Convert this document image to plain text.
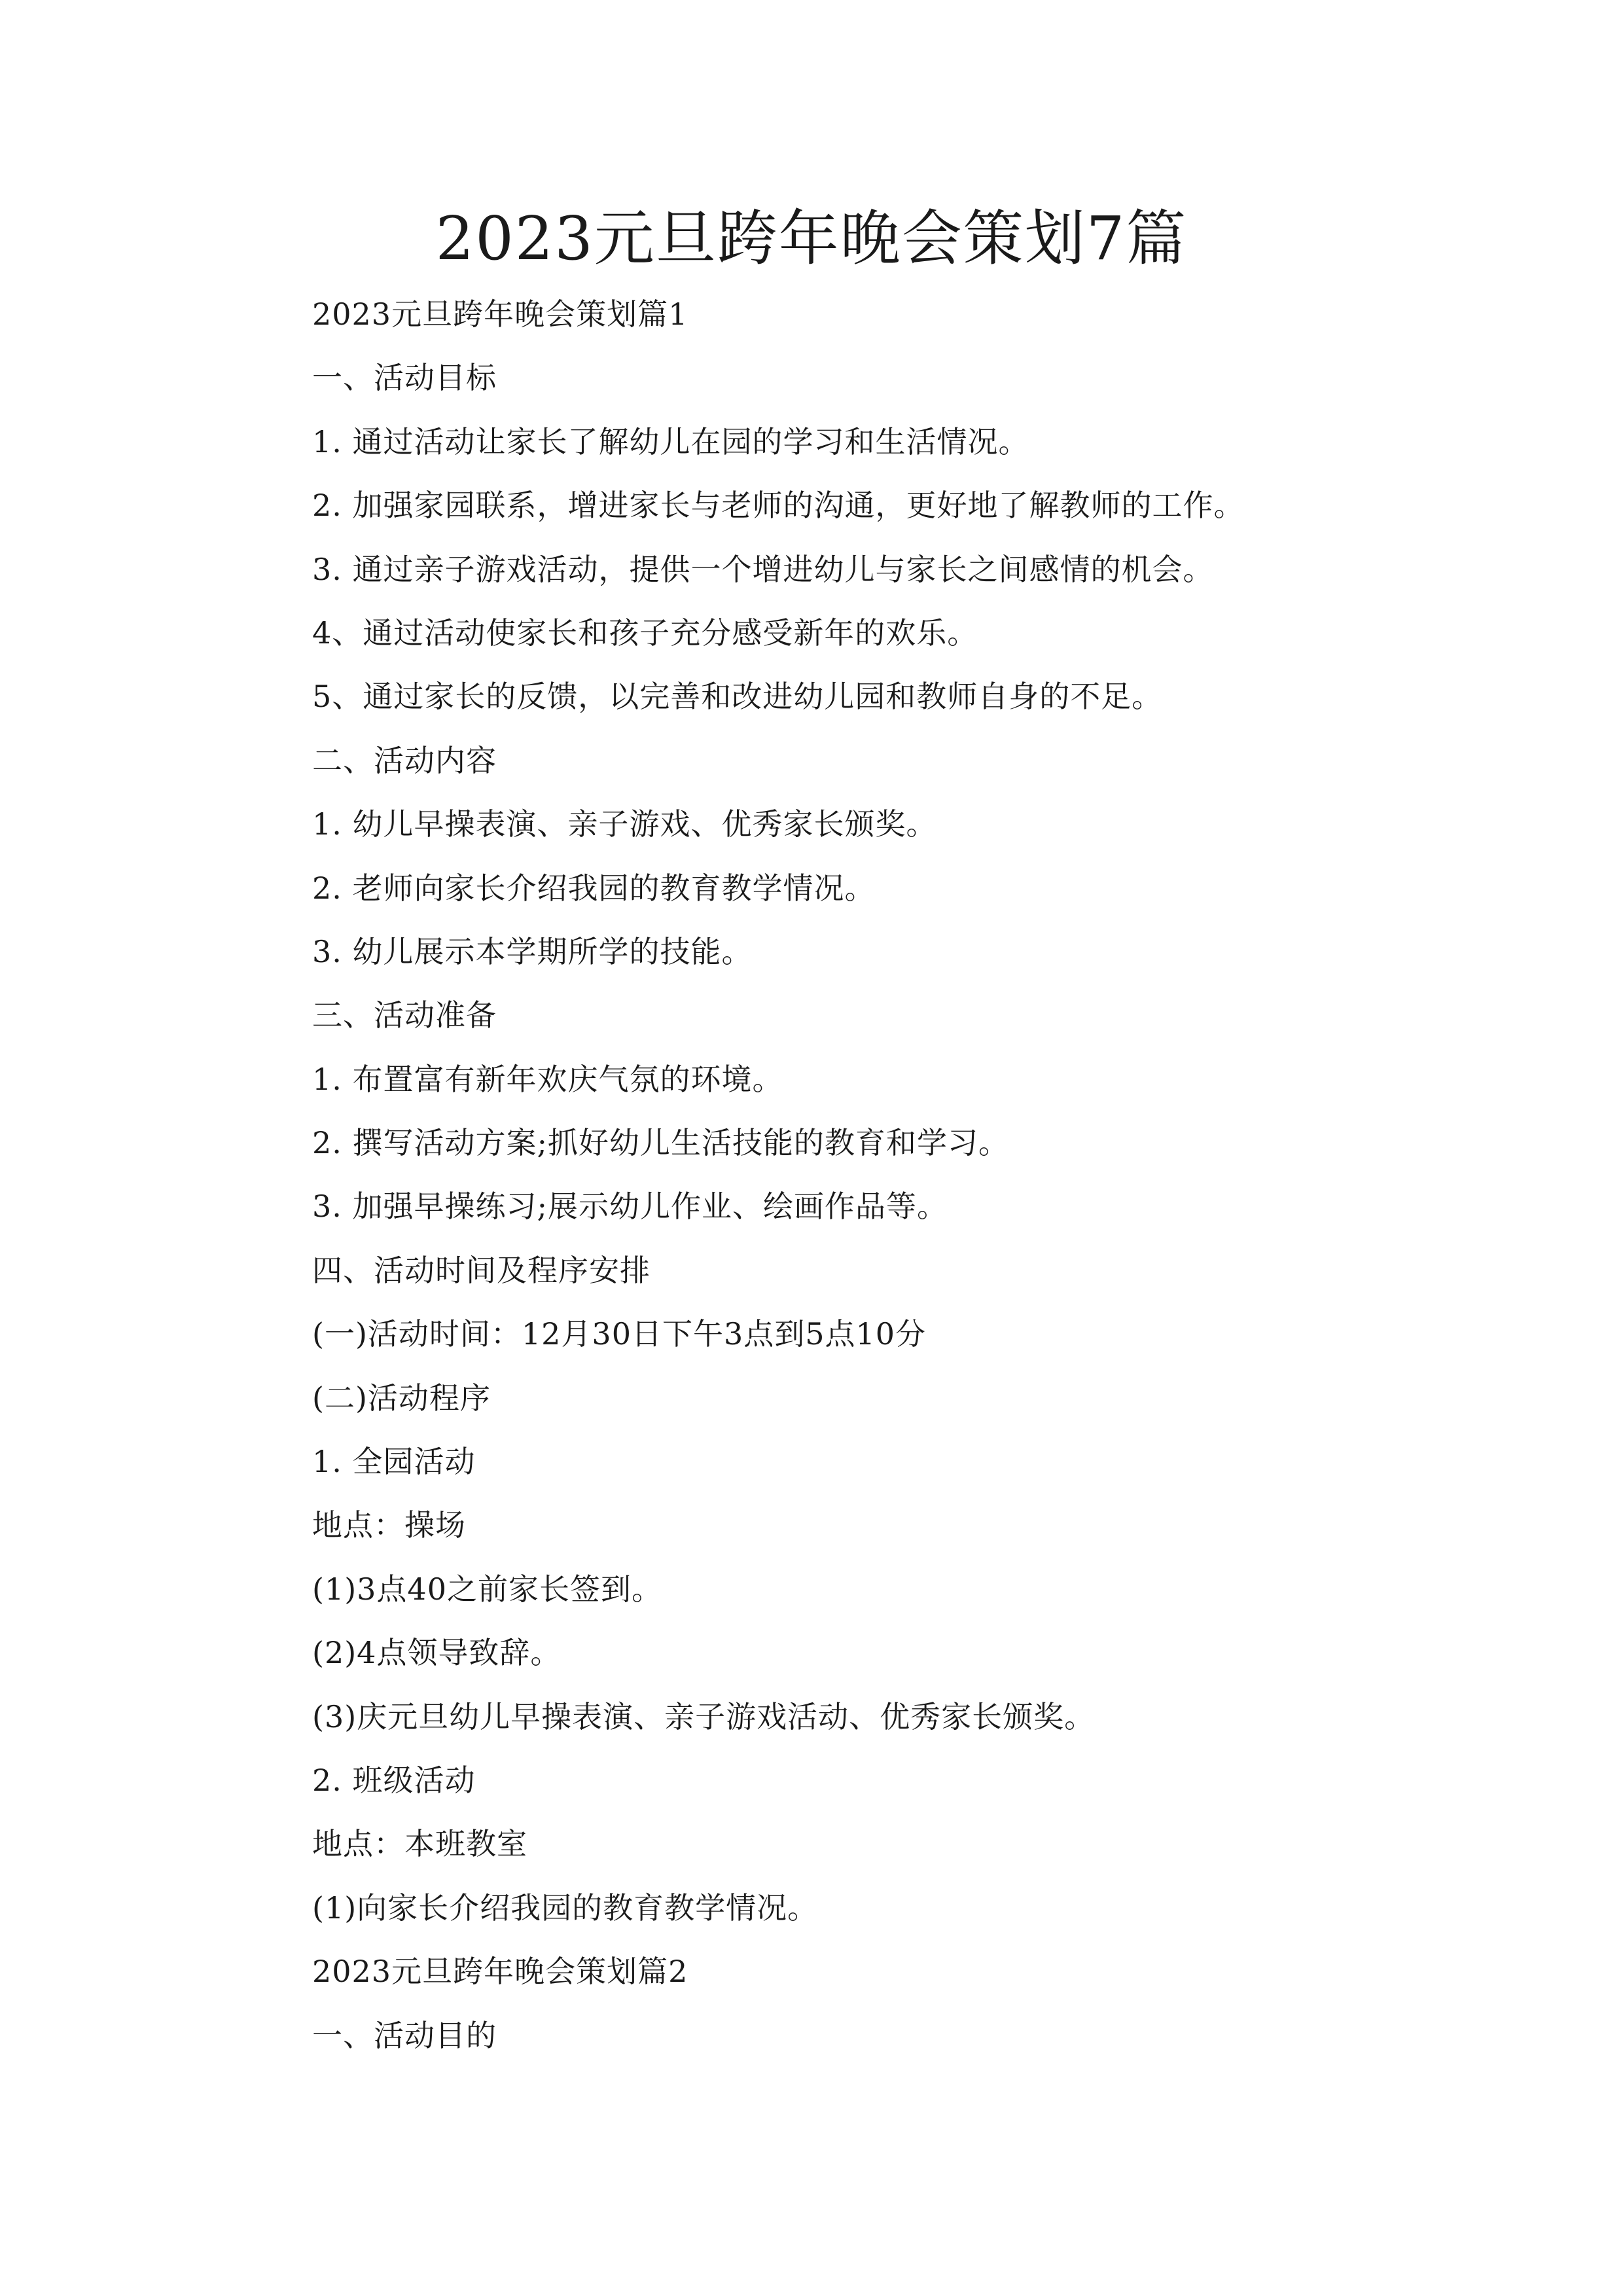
2023元旦跨年晚会策划7篇
2023元旦跨年晚会策划篇1
一、活动目标
1. 通过活动让家长了解幼儿在园的学习和生活情况。
2. 加强家园联系，增进家长与老师的沟通，更好地了解教师的工作。
3. 通过亲子游戏活动，提供一个增进幼儿与家长之间感情的机会。
4、通过活动使家长和孩子充分感受新年的欢乐。
5、通过家长的反馈，以完善和改进幼儿园和教师自身的不足。
二、活动内容
1. 幼儿早操表演、亲子游戏、优秀家长颁奖。
2. 老师向家长介绍我园的教育教学情况。
3. 幼儿展示本学期所学的技能。
三、活动准备
1. 布置富有新年欢庆气氛的环境。
2. 撰写活动方案;抓好幼儿生活技能的教育和学习。
3. 加强早操练习;展示幼儿作业、绘画作品等。
四、活动时间及程序安排
(一)活动时间：12月30日下午3点到5点10分
(二)活动程序
1. 全园活动
地点：操场
(1)3点40之前家长签到。
(2)4点领导致辞。
(3)庆元旦幼儿早操表演、亲子游戏活动、优秀家长颁奖。
2. 班级活动
地点：本班教室
(1)向家长介绍我园的教育教学情况。
2023元旦跨年晚会策划篇2
一、活动目的
